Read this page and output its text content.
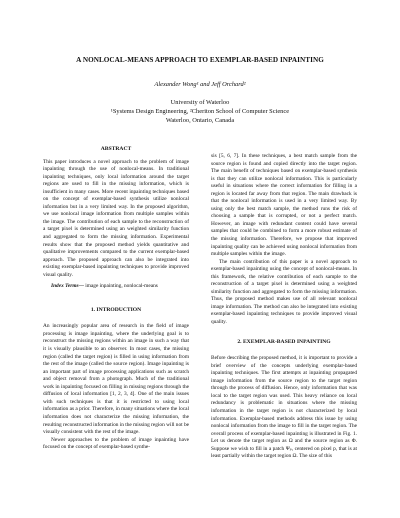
A NONLOCAL-MEANS APPROACH TO EXEMPLAR-BASED INPAINTING
Alexander Wong¹ and Jeff Orchard²
University of Waterloo
¹Systems Design Engineering, ²Cheriton School of Computer Science
Waterloo, Ontario, Canada

ABSTRACT

This paper introduces a novel approach to the problem of image inpainting through the use of nonlocal-means. In traditional inpainting techniques, only local information around the target regions are used to fill in the missing information, which is insufficient in many cases. More recent inpainting techniques based on the concept of exemplar-based synthesis utilize nonlocal information but in a very limited way. In the proposed algorithm, we use nonlocal image information from multiple samples within the image. The contribution of each sample to the reconstruction of a target pixel is determined using an weighted similarity function and aggregated to form the missing information. Experimental results show that the proposed method yields quantitative and qualitative improvements compared to the current exemplar-based approach. The proposed approach can also be integrated into existing exemplar-based inpainting techniques to provide improved visual quality.

Index Terms— image inpainting, nonlocal-means

1. INTRODUCTION

An increasingly popular area of research in the field of image processing is image inpainting, where the underlying goal is to reconstruct the missing regions within an image in such a way that it is visually plausible to an observer. In most cases, the missing region (called the target region) is filled in using information from the rest of the image (called the source region). Image inpainting is an important part of image processing applications such as scratch and object removal from a photograph. Much of the traditional work in inpainting focused on filling in missing regions through the diffusion of local information [1, 2, 3, 4]. One of the main issues with such techniques is that it is restricted to using local information as a prior. Therefore, in many situations where the local information does not characterize the missing information, the resulting reconstructed information in the missing region will not be visually consistent with the rest of the image.

Newer approaches to the problem of image inpainting have focused on the concept of exemplar-based synthe-

sis [5, 6, 7]. In these techniques, a best match sample from the source region is found and copied directly into the target region. The main benefit of techniques based on exemplar-based synthesis is that they can utilize nonlocal information. This is particularly useful in situations where the correct information for filling in a region is located far away from that region. The main drawback is that the nonlocal information is used in a very limited way. By using only the best match sample, the method runs the risk of choosing a sample that is corrupted, or not a perfect match. However, an image with redundant content could have several samples that could be combined to form a more robust estimate of the missing information. Therefore, we propose that improved inpainting quality can be achieved using nonlocal information from multiple samples within the image.

The main contribution of this paper is a novel approach to exemplar-based inpainting using the concept of nonlocal-means. In this framework, the relative contribution of each sample to the reconstruction of a target pixel is determined using a weighted similarity function and aggregated to form the missing information. Thus, the proposed method makes use of all relevant nonlocal image information. The method can also be integrated into existing exemplar-based inpainting techniques to provide improved visual quality.

2. EXEMPLAR-BASED INPAINTING

Before describing the proposed method, it is important to provide a brief overview of the concepts underlying exemplar-based inpainting techniques. The first attempts at inpainting propagated image information from the source region to the target region through the process of diffusion. Hence, only information that was local to the target region was used. This heavy reliance on local redundancy is problematic in situations where the missing information in the target region is not characterized by local information. Exemplar-based methods address this issue by using nonlocal information from the image to fill in the target region. The overall process of exemplar-based inpainting is illustrated in Fig. 1. Let us denote the target region as Ω and the source region as Φ. Suppose we wish to fill in a patch Ψₚ, centered on pixel p, that is at least partially within the target region Ω. The size of this
